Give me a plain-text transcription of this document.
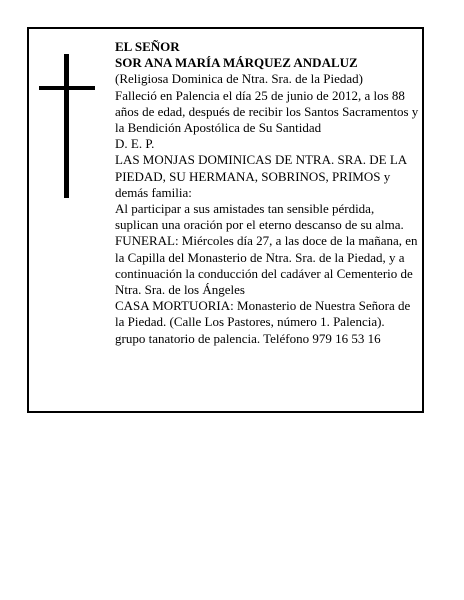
EL SEÑOR

SOR ANA MARÍA MÁRQUEZ ANDALUZ

(Religiosa Dominica de Ntra. Sra. de la Piedad)

Falleció en Palencia el día 25 de junio de 2012, a los 88 años de edad, después de recibir los Santos Sacramentos y la Bendición Apostólica de Su Santidad

D. E. P.

LAS MONJAS DOMINICAS DE NTRA. SRA. DE LA PIEDAD, SU HERMANA, SOBRINOS, PRIMOS y demás familia:

Al participar a sus amistades tan sensible pérdida, suplican una oración por el eterno descanso de su alma.

FUNERAL: Miércoles día 27, a las doce de la mañana, en la Capilla del Monasterio de Ntra. Sra. de la Piedad, y a continuación la conducción del cadáver al Cementerio de Ntra. Sra. de los Ángeles

CASA MORTUORIA: Monasterio de Nuestra Señora de la Piedad. (Calle Los Pastores, número 1. Palencia).

grupo tanatorio de palencia. Teléfono 979 16 53 16
